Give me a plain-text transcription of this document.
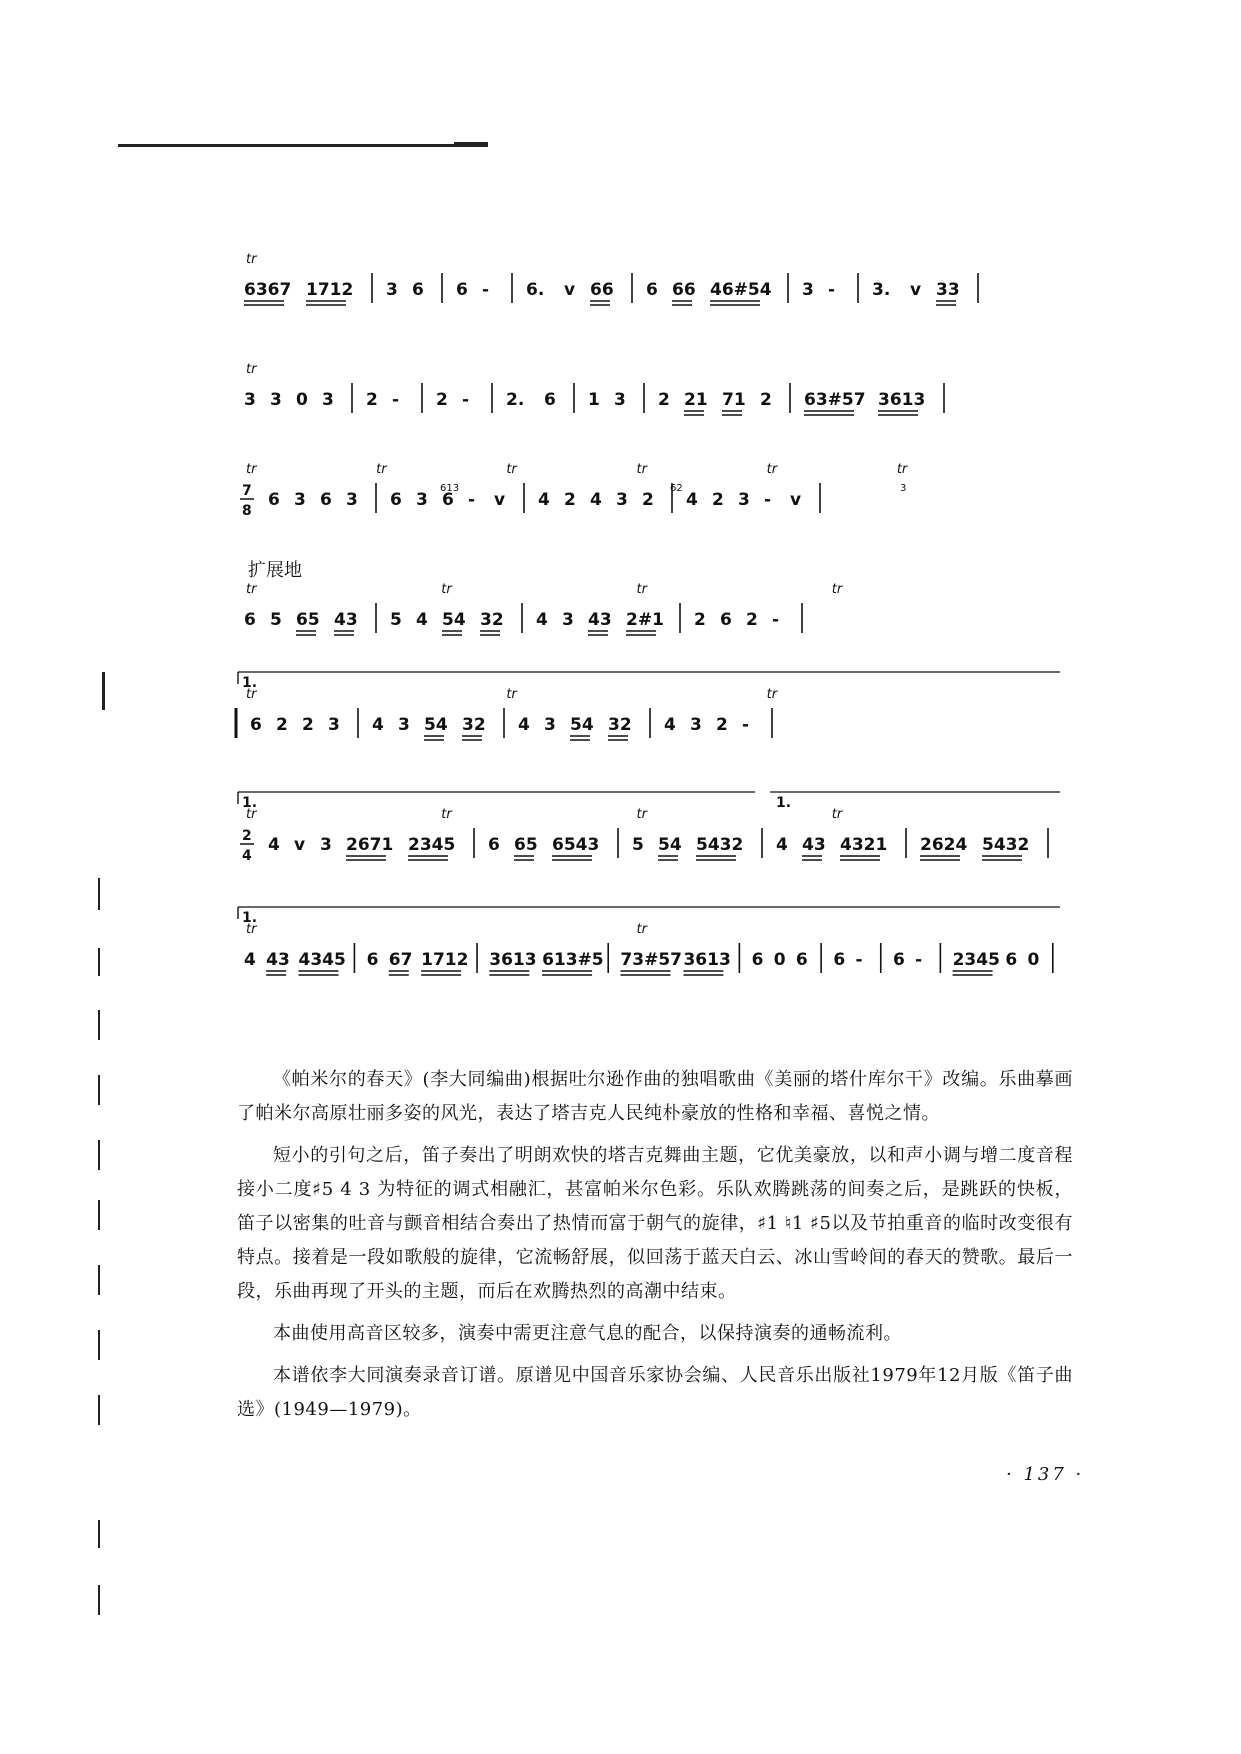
扩展地
6367 1712 3 6 6 - 6. v 66 6 66 46#54 3 - 3. v 33
tr
3 3 0 3 2 - 2 - 2. 6 1 3 2 21 71 2 63#57 3613
tr
7
8
6 3 6 3 6 3 6 - v 4 2 4 3 2 4 2 3 - v
tr	tr	tr	tr	tr	tr
613	62	3
6 5 65 43 5 4 54 32 4 3 43 2#1 2 6 2 -
tr	tr	tr	tr
6 2 2 3 4 3 54 32 4 3 54 32 4 3 2 -
tr	tr	tr
1.
2
4
4 v 3 2671 2345 6 65 6543 5 54 5432 4 43 4321 2624 5432
tr	tr	tr	tr
1.	1.
4 43 4345 6 67 1712 3613 613#5 73#57 3613 6 0 6 6 - 6 - 2345 6 0
tr	tr
1.

《帕米尔的春天》(李大同编曲)根据吐尔逊作曲的独唱歌曲《美丽的塔什库尔干》改编。乐曲摹画了帕米尔高原壮丽多姿的风光，表达了塔吉克人民纯朴豪放的性格和幸福、喜悦之情。

短小的引句之后，笛子奏出了明朗欢快的塔吉克舞曲主题，它优美豪放，以和声小调与增二度音程接小二度♯5 4 3 为特征的调式相融汇，甚富帕米尔色彩。乐队欢腾跳荡的间奏之后，是跳跃的快板，笛子以密集的吐音与颤音相结合奏出了热情而富于朝气的旋律，♯1 ♮1 ♯5以及节拍重音的临时改变很有特点。接着是一段如歌般的旋律，它流畅舒展，似回荡于蓝天白云、冰山雪岭间的春天的赞歌。最后一段，乐曲再现了开头的主题，而后在欢腾热烈的高潮中结束。

本曲使用高音区较多，演奏中需更注意气息的配合，以保持演奏的通畅流利。

本谱依李大同演奏录音订谱。原谱见中国音乐家协会编、人民音乐出版社1979年12月版《笛子曲选》(1949—1979)。

· 137 ·
